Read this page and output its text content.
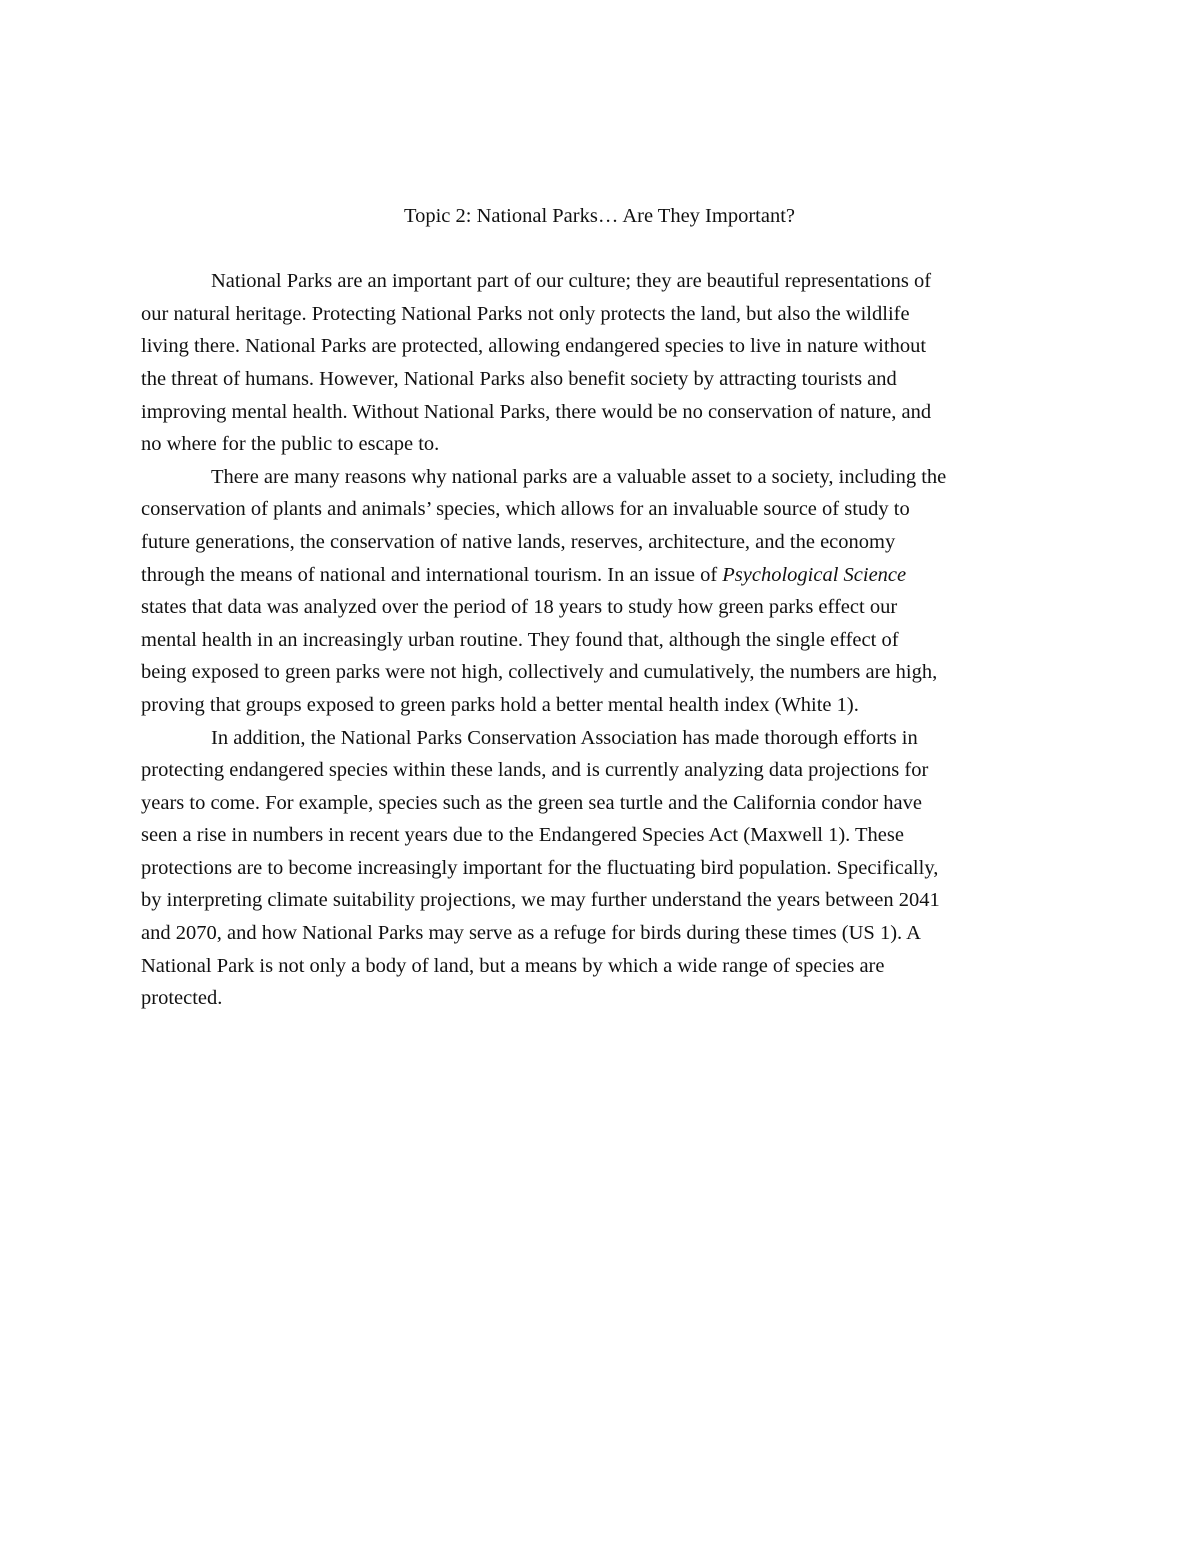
Topic 2: National Parks… Are They Important?

National Parks are an important part of our culture; they are beautiful representations of
our natural heritage. Protecting National Parks not only protects the land, but also the wildlife
living there. National Parks are protected, allowing endangered species to live in nature without
the threat of humans. However, National Parks also benefit society by attracting tourists and
improving mental health. Without National Parks, there would be no conservation of nature, and
no where for the public to escape to.

There are many reasons why national parks are a valuable asset to a society, including the
conservation of plants and animals’ species, which allows for an invaluable source of study to
future generations, the conservation of native lands, reserves, architecture, and the economy
through the means of national and international tourism. In an issue of Psychological Science
states that data was analyzed over the period of 18 years to study how green parks effect our
mental health in an increasingly urban routine. They found that, although the single effect of
being exposed to green parks were not high, collectively and cumulatively, the numbers are high,
proving that groups exposed to green parks hold a better mental health index (White 1).

In addition, the National Parks Conservation Association has made thorough efforts in
protecting endangered species within these lands, and is currently analyzing data projections for
years to come. For example, species such as the green sea turtle and the California condor have
seen a rise in numbers in recent years due to the Endangered Species Act (Maxwell 1). These
protections are to become increasingly important for the fluctuating bird population. Specifically,
by interpreting climate suitability projections, we may further understand the years between 2041
and 2070, and how National Parks may serve as a refuge for birds during these times (US 1). A
National Park is not only a body of land, but a means by which a wide range of species are
protected.
